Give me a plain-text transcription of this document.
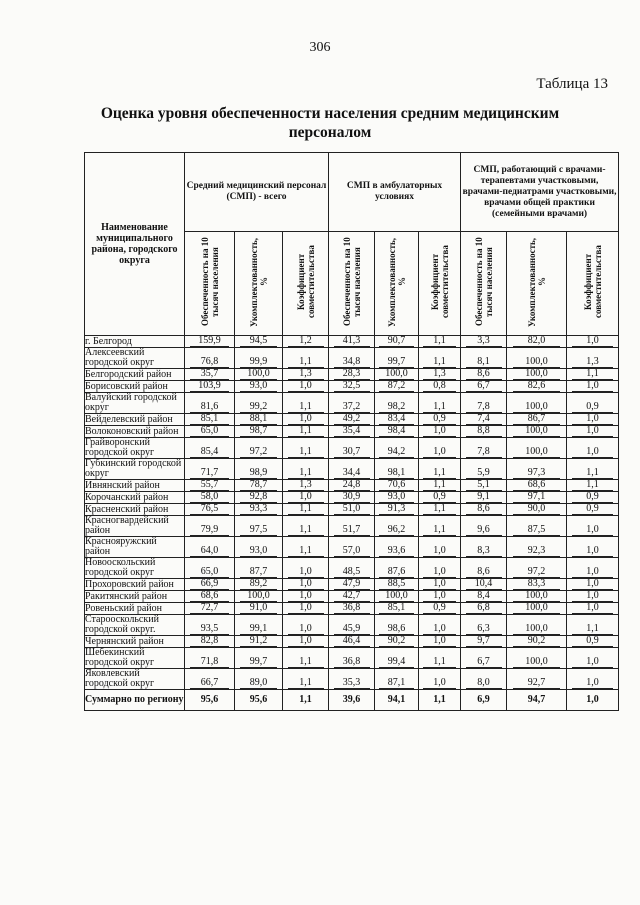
306
Таблица 13
Оценка уровня обеспеченности населения средним медицинским персоналом
Наименование муниципального района, городского округа	Средний медицинский персонал (СМП) - всего			СМП в амбулаторных условиях			СМП, работающий с врачами-терапевтами участковыми, врачами-педиатрами участковыми, врачами общей практики (семейными врачами)		
	Обеспеченность на 10 тысяч населения	Укомплектованность, %	Коэффициент совместительства	Обеспеченность на 10 тысяч населения	Укомплектованность, %	Коэффициент совместительства	Обеспеченность на 10 тысяч населения	Укомплектованность, %	Коэффициент совместительства
г. Белгород	159,9	94,5	1,2	41,3	90,7	1,1	3,3	82,0	1,0
Алексеевский городской округ	76,8	99,9	1,1	34,8	99,7	1,1	8,1	100,0	1,3
Белгородский район	35,7	100,0	1,3	28,3	100,0	1,3	8,6	100,0	1,1
Борисовский район	103,9	93,0	1,0	32,5	87,2	0,8	6,7	82,6	1,0
Валуйский городской округ	81,6	99,2	1,1	37,2	98,2	1,1	7,8	100,0	0,9
Вейделевский район	85,1	88,1	1,0	49,2	83,4	0,9	7,4	86,7	1,0
Волоконовский район	65,0	98,7	1,1	35,4	98,4	1,0	8,8	100,0	1,0
Грайворонский городской округ	85,4	97,2	1,1	30,7	94,2	1,0	7,8	100,0	1,0
Губкинский городской округ	71,7	98,9	1,1	34,4	98,1	1,1	5,9	97,3	1,1
Ивнянский район	55,7	78,7	1,3	24,8	70,6	1,1	5,1	68,6	1,1
Корочанский район	58,0	92,8	1,0	30,9	93,0	0,9	9,1	97,1	0,9
Красненский район	76,5	93,3	1,1	51,0	91,3	1,1	8,6	90,0	0,9
Красногвардейский район	79,9	97,5	1,1	51,7	96,2	1,1	9,6	87,5	1,0
Краснояружский район	64,0	93,0	1,1	57,0	93,6	1,0	8,3	92,3	1,0
Новооскольский городской округ	65,0	87,7	1,0	48,5	87,6	1,0	8,6	97,2	1,0
Прохоровский район	66,9	89,2	1,0	47,9	88,5	1,0	10,4	83,3	1,0
Ракитянский район	68,6	100,0	1,0	42,7	100,0	1,0	8,4	100,0	1,0
Ровеньский район	72,7	91,0	1,0	36,8	85,1	0,9	6,8	100,0	1,0
Старооскольский городской округ.	93,5	99,1	1,0	45,9	98,6	1,0	6,3	100,0	1,1
Чернянский район	82,8	91,2	1,0	46,4	90,2	1,0	9,7	90,2	0,9
Шебекинский городской округ	71,8	99,7	1,1	36,8	99,4	1,1	6,7	100,0	1,0
Яковлевский городской округ	66,7	89,0	1,1	35,3	87,1	1,0	8,0	92,7	1,0
Суммарно по региону	95,6	95,6	1,1	39,6	94,1	1,1	6,9	94,7	1,0
